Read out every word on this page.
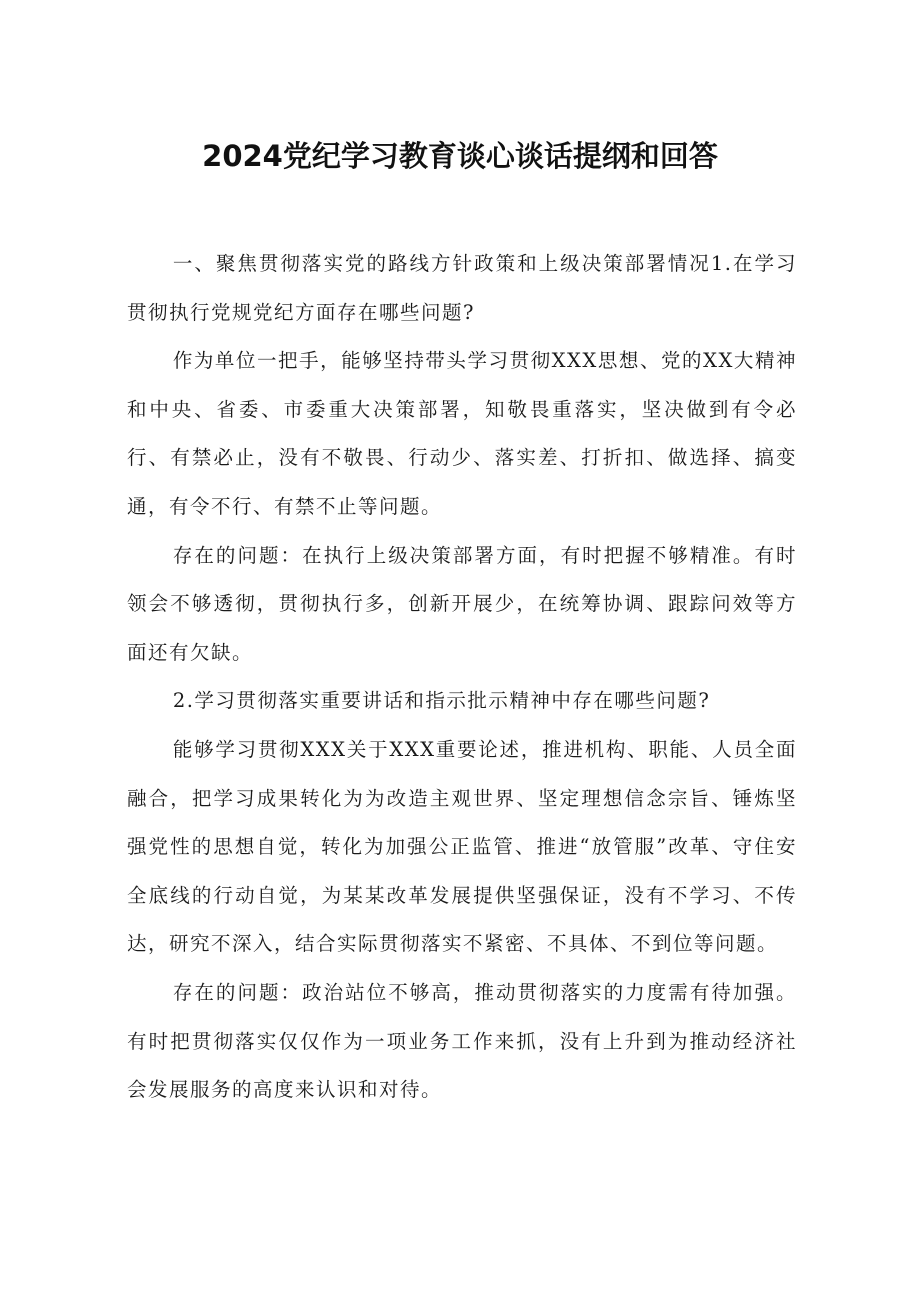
2024党纪学习教育谈心谈话提纲和回答

一、聚焦贯彻落实党的路线方针政策和上级决策部署情况1.在学习贯彻执行党规党纪方面存在哪些问题?

作为单位一把手，能够坚持带头学习贯彻XXX思想、党的XX大精神和中央、省委、市委重大决策部署，知敬畏重落实，坚决做到有令必行、有禁必止，没有不敬畏、行动少、落实差、打折扣、做选择、搞变通，有令不行、有禁不止等问题。

存在的问题：在执行上级决策部署方面，有时把握不够精准。有时领会不够透彻，贯彻执行多，创新开展少，在统筹协调、跟踪问效等方面还有欠缺。

2.学习贯彻落实重要讲话和指示批示精神中存在哪些问题?

能够学习贯彻XXX关于XXX重要论述，推进机构、职能、人员全面融合，把学习成果转化为为改造主观世界、坚定理想信念宗旨、锤炼坚强党性的思想自觉，转化为加强公正监管、推进“放管服”改革、守住安全底线的行动自觉，为某某改革发展提供坚强保证，没有不学习、不传达，研究不深入，结合实际贯彻落实不紧密、不具体、不到位等问题。

存在的问题：政治站位不够高，推动贯彻落实的力度需有待加强。有时把贯彻落实仅仅作为一项业务工作来抓，没有上升到为推动经济社会发展服务的高度来认识和对待。
